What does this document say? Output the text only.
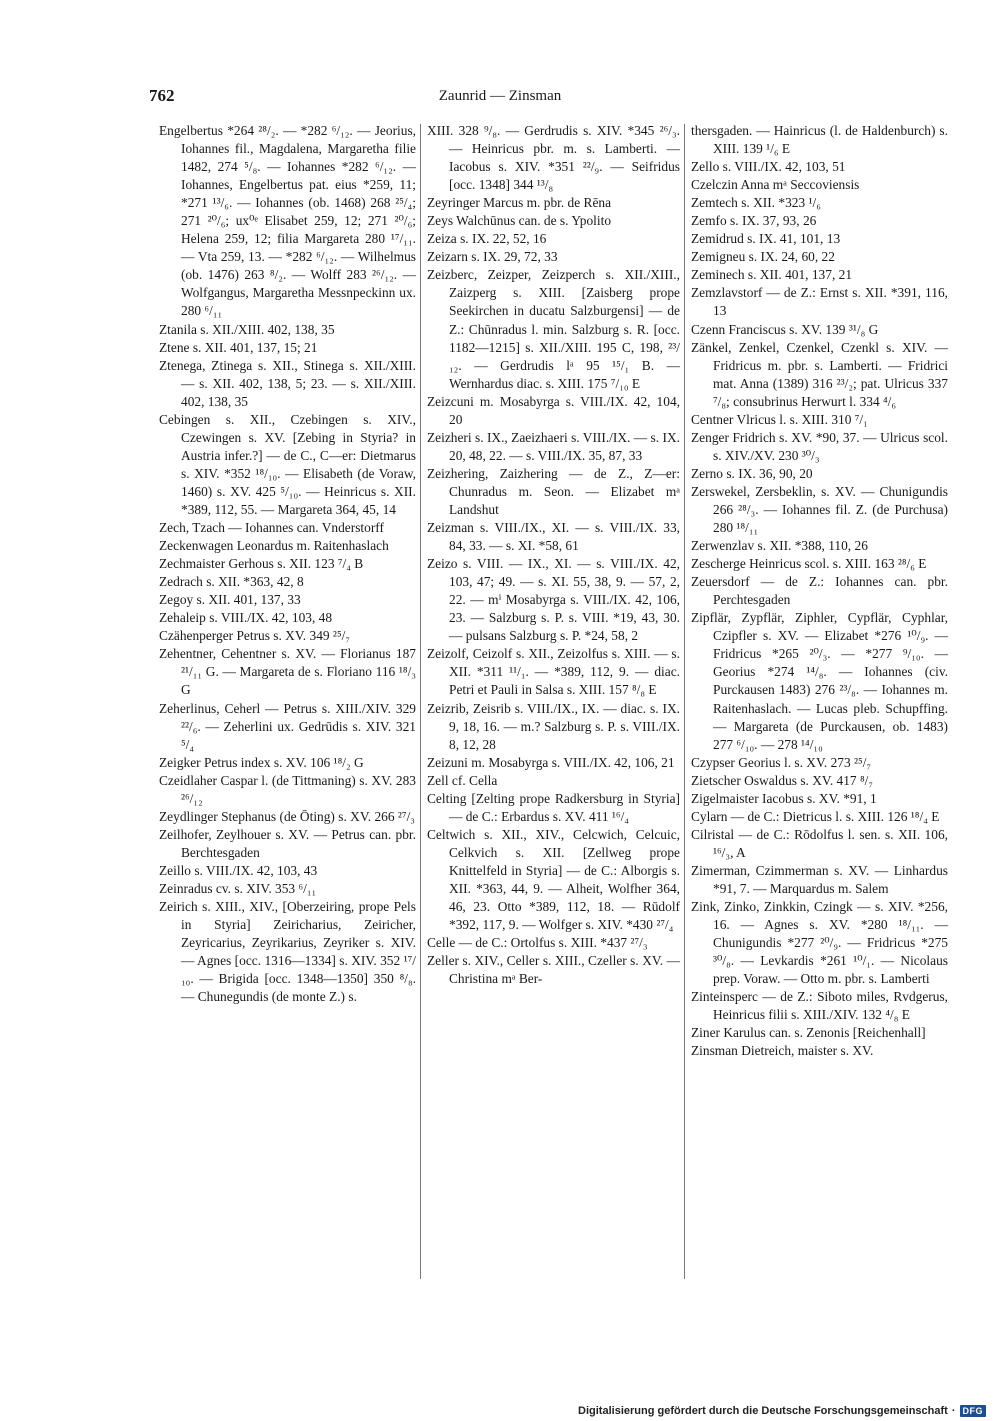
762	Zaunrid — Zinsman

Engelbertus *264 ²⁸/₂. — *282 ⁶/₁₂. — Jeorius, Iohannes fil., Magdalena, Margaretha filie 1482, 274 ⁵/₈. — Iohannes *282 ⁶/₁₂. — Iohannes, Engelbertus pat. eius *259, 11; *271 ¹³/₆. — Iohannes (ob. 1468) 268 ²⁵/₄; 271 ²⁰/₆; ux⁰ᵉ Elisabet 259, 12; 271 ²⁰/₆; Helena 259, 12; filia Margareta 280 ¹⁷/₁₁. — Vta 259, 13. — *282 ⁶/₁₂. — Wilhelmus (ob. 1476) 263 ⁸/₂. — Wolff 283 ²⁶/₁₂. — Wolfgangus, Margaretha Messnpeckinn ux. 280 ⁶/₁₁

Ztanila s. XII./XIII. 402, 138, 35

Ztene s. XII. 401, 137, 15; 21

Ztenega, Ztinega s. XII., Stinega s. XII./XIII. — s. XII. 402, 138, 5; 23. — s. XII./XIII. 402, 138, 35

Cebingen s. XII., Czebingen s. XIV., Czewingen s. XV. [Zebing in Styria? in Austria infer.?] — de C., C—er: Dietmarus s. XIV. *352 ¹⁸/₁₀. — Elisabeth (de Voraw, 1460) s. XV. 425 ⁵/₁₀. — Heinricus s. XII. *389, 112, 55. — Margareta 364, 45, 14

Zech, Tzach — Iohannes can. Vnderstorff

Zeckenwagen Leonardus m. Raitenhaslach

Zechmaister Gerhous s. XII. 123 ⁷/₄ B

Zedrach s. XII. *363, 42, 8

Zegoy s. XII. 401, 137, 33

Zehaleip s. VIII./IX. 42, 103, 48

Czähenperger Petrus s. XV. 349 ²⁵/₇

Zehentner, Cehentner s. XV. — Florianus 187 ²¹/₁₁ G. — Margareta de s. Floriano 116 ¹⁸/₃ G

Zeherlinus, Ceherl — Petrus s. XIII./XIV. 329 ²²/₆. — Zeherlini ux. Gedrūdis s. XIV. 321 ⁵/₄

Zeigker Petrus index s. XV. 106 ¹⁸/₂ G

Czeidlaher Caspar l. (de Tittmaning) s. XV. 283 ²⁶/₁₂

Zeydlinger Stephanus (de Ōting) s. XV. 266 ²⁷/₃

Zeilhofer, Zeylhouer s. XV. — Petrus can. pbr. Berchtesgaden

Zeillo s. VIII./IX. 42, 103, 43

Zeinradus cv. s. XIV. 353 ⁶/₁₁

Zeirich s. XIII., XIV., [Oberzeiring, prope Pels in Styria] Zeiricharius, Zeiricher, Zeyricarius, Zeyrikarius, Zeyriker s. XIV. — Agnes [occ. 1316—1334] s. XIV. 352 ¹⁷/₁₀. — Brigida [occ. 1348—1350] 350 ⁸/₈. — Chunegundis (de monte Z.) s.

XIII. 328 ⁹/₈. — Gerdrudis s. XIV. *345 ²⁶/₃. — Heinricus pbr. m. s. Lamberti. — Iacobus s. XIV. *351 ²²/₉. — Seifridus [occ. 1348] 344 ¹³/₈

Zeyringer Marcus m. pbr. de Rēna

Zeys Walchūnus can. de s. Ypolito

Zeiza s. IX. 22, 52, 16

Zeizarn s. IX. 29, 72, 33

Zeizberc, Zeizper, Zeizperch s. XII./XIII., Zaizperg s. XIII. [Zaisberg prope Seekirchen in ducatu Salzburgensi] — de Z.: Chūnradus l. min. Salzburg s. R. [occ. 1182—1215] s. XII./XIII. 195 C, 198, ²³/₁₂. — Gerdrudis lᵃ 95 ¹⁵/₁ B. — Wernhardus diac. s. XIII. 175 ⁷/₁₀ E

Zeizcuni m. Mosabyrga s. VIII./IX. 42, 104, 20

Zeizheri s. IX., Zaeizhaeri s. VIII./IX. — s. IX. 20, 48, 22. — s. VIII./IX. 35, 87, 33

Zeizhering, Zaizhering — de Z., Z—er: Chunradus m. Seon. — Elizabet mᵃ Landshut

Zeizman s. VIII./IX., XI. — s. VIII./IX. 33, 84, 33. — s. XI. *58, 61

Zeizo s. VIII. — IX., XI. — s. VIII./IX. 42, 103, 47; 49. — s. XI. 55, 38, 9. — 57, 2, 22. — mⁱ Mosabyrga s. VIII./IX. 42, 106, 23. — Salzburg s. P. s. VIII. *19, 43, 30. — pulsans Salzburg s. P. *24, 58, 2

Zeizolf, Ceizolf s. XII., Zeizolfus s. XIII. — s. XII. *311 ¹¹/₁. — *389, 112, 9. — diac. Petri et Pauli in Salsa s. XIII. 157 ⁸/₈ E

Zeizrib, Zeisrib s. VIII./IX., IX. — diac. s. IX. 9, 18, 16. — m.? Salzburg s. P. s. VIII./IX. 8, 12, 28

Zeizuni m. Mosabyrga s. VIII./IX. 42, 106, 21

Zell cf. Cella

Celting [Zelting prope Radkersburg in Styria] — de C.: Erbardus s. XV. 411 ¹⁶/₄

Celtwich s. XII., XIV., Celcwich, Celcuic, Celkvich s. XII. [Zellweg prope Knittelfeld in Styria] — de C.: Alborgis s. XII. *363, 44, 9. — Alheit, Wolfher 364, 46, 23. Otto *389, 112, 18. — Rūdolf *392, 117, 9. — Wolfger s. XIV. *430 ²⁷/₄

Celle — de C.: Ortolfus s. XIII. *437 ²⁷/₃

Zeller s. XIV., Celler s. XIII., Czeller s. XV. — Christina mᵃ Ber-

thersgaden. — Hainricus (l. de Haldenburch) s. XIII. 139 ¹/₆ E

Zello s. VIII./IX. 42, 103, 51

Czelczin Anna mᵃ Seccoviensis

Zemtech s. XII. *323 ¹/₆

Zemfo s. IX. 37, 93, 26

Zemidrud s. IX. 41, 101, 13

Zemigneu s. IX. 24, 60, 22

Zeminech s. XII. 401, 137, 21

Zemzlavstorf — de Z.: Ernst s. XII. *391, 116, 13

Czenn Franciscus s. XV. 139 ³¹/₈ G

Zänkel, Zenkel, Czenkel, Czenkl s. XIV. — Fridricus m. pbr. s. Lamberti. — Fridrici mat. Anna (1389) 316 ²³/₂; pat. Ulricus 337 ⁷/₈; consubrinus Herwurt l. 334 ⁴/₆

Centner Vlricus l. s. XIII. 310 ⁷/₁

Zenger Fridrich s. XV. *90, 37. — Ulricus scol. s. XIV./XV. 230 ³⁰/₃

Zerno s. IX. 36, 90, 20

Zerswekel, Zersbeklin, s. XV. — Chunigundis 266 ²⁸/₃. — Iohannes fil. Z. (de Purchusa) 280 ¹⁸/₁₁

Zerwenzlav s. XII. *388, 110, 26

Zescherge Heinricus scol. s. XIII. 163 ²⁸/₆ E

Zeuersdorf — de Z.: Iohannes can. pbr. Perchtesgaden

Zipflär, Zypflär, Ziphler, Cypflär, Cyphlar, Czipfler s. XV. — Elizabet *276 ¹⁰/₉. — Fridricus *265 ²⁰/₃. — *277 ⁹/₁₀. — Georius *274 ¹⁴/₈. — Iohannes (civ. Purckausen 1483) 276 ²³/₈. — Iohannes m. Raitenhaslach. — Lucas pleb. Schupffing. — Margareta (de Purckausen, ob. 1483) 277 ⁶/₁₀. — 278 ¹⁴/₁₀

Czypser Georius l. s. XV. 273 ²⁵/₇

Zietscher Oswaldus s. XV. 417 ⁸/₇

Zigelmaister Iacobus s. XV. *91, 1

Cylarn — de C.: Dietricus l. s. XIII. 126 ¹⁸/₄ E

Cilristal — de C.: Rōdolfus l. sen. s. XII. 106, ¹⁶/₃, A

Zimerman, Czimmerman s. XV. — Linhardus *91, 7. — Marquardus m. Salem

Zink, Zinko, Zinkkin, Czingk — s. XIV. *256, 16. — Agnes s. XV. *280 ¹⁸/₁₁. — Chunigundis *277 ²⁰/₉. — Fridricus *275 ³⁰/₈. — Levkardis *261 ¹⁰/₁. — Nicolaus prep. Voraw. — Otto m. pbr. s. Lamberti

Zinteinsperc — de Z.: Siboto miles, Rvdgerus, Heinricus filii s. XIII./XIV. 132 ⁴/₈ E

Ziner Karulus can. s. Zenonis [Reichenhall]

Zinsman Dietreich, maister s. XV.

Digitalisierung gefördert durch die Deutsche Forschungsgemeinschaft · DFG
